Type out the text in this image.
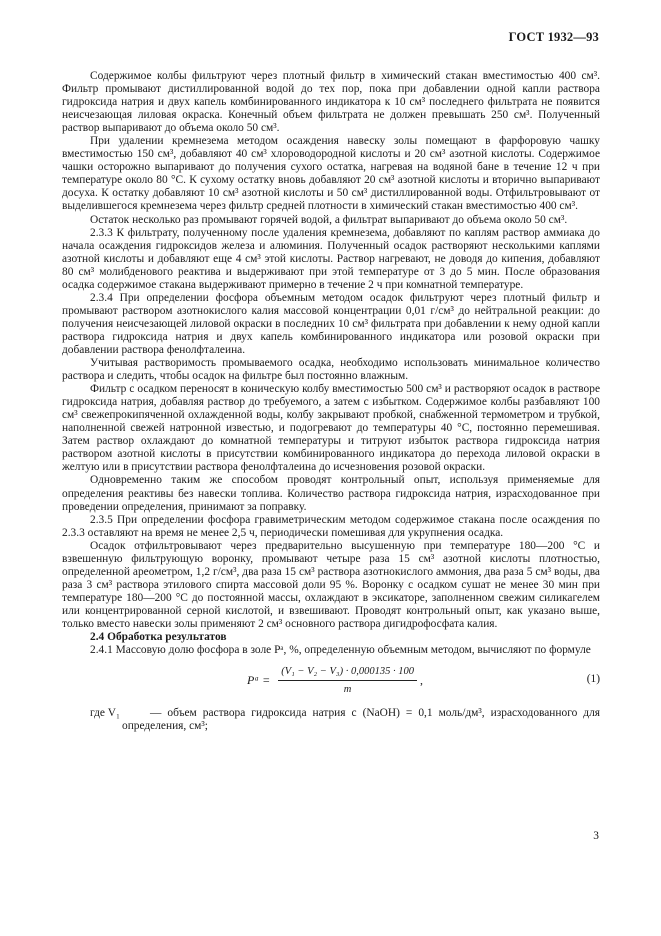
ГОСТ 1932—93

Содержимое колбы фильтруют через плотный фильтр в химический стакан вместимостью 400 см³. Фильтр промывают дистиллированной водой до тех пор, пока при добавлении одной капли раствора гидроксида натрия и двух капель комбинированного индикатора к 10 см³ последнего фильтрата не появится неисчезающая лиловая окраска. Конечный объем фильтрата не должен превышать 250 см³. Полученный раствор выпаривают до объема около 50 см³.

При удалении кремнезема методом осаждения навеску золы помещают в фарфоровую чашку вместимостью 150 см³, добавляют 40 см³ хлороводородной кислоты и 20 см³ азотной кислоты. Содержимое чашки осторожно выпаривают до получения сухого остатка, нагревая на водяной бане в течение 12 ч при температуре около 80 °С. К сухому остатку вновь добавляют 20 см³ азотной кислоты и вторично выпаривают досуха. К остатку добавляют 10 см³ азотной кислоты и 50 см³ дистиллированной воды. Отфильтровывают от выделившегося кремнезема через фильтр средней плотности в химический стакан вместимостью 400 см³.

Остаток несколько раз промывают горячей водой, а фильтрат выпаривают до объема около 50 см³.

2.3.3 К фильтрату, полученному после удаления кремнезема, добавляют по каплям раствор аммиака до начала осаждения гидроксидов железа и алюминия. Полученный осадок растворяют несколькими каплями азотной кислоты и добавляют еще 4 см³ этой кислоты. Раствор нагревают, не доводя до кипения, добавляют 80 см³ молибденового реактива и выдерживают при этой температуре от 3 до 5 мин. После образования осадка содержимое стакана выдерживают примерно в течение 2 ч при комнатной температуре.

2.3.4 При определении фосфора объемным методом осадок фильтруют через плотный фильтр и промывают раствором азотнокислого калия массовой концентрации 0,01 г/см³ до нейтральной реакции: до получения неисчезающей лиловой окраски в последних 10 см³ фильтрата при добавлении к нему одной капли раствора гидроксида натрия и двух капель комбинированного индикатора или розовой окраски при добавлении раствора фенолфталеина.

Учитывая растворимость промываемого осадка, необходимо использовать минимальное количество раствора и следить, чтобы осадок на фильтре был постоянно влажным.

Фильтр с осадком переносят в коническую колбу вместимостью 500 см³ и растворяют осадок в растворе гидроксида натрия, добавляя раствор до требуемого, а затем с избытком. Содержимое колбы разбавляют 100 см³ свежепрокипяченной охлажденной воды, колбу закрывают пробкой, снабженной термометром и трубкой, наполненной свежей натронной известью, и подогревают до температуры 40 °С, постоянно перемешивая. Затем раствор охлаждают до комнатной температуры и титруют избыток раствора гидроксида натрия раствором азотной кислоты в присутствии комбинированного индикатора до перехода лиловой окраски в желтую или в присутствии раствора фенолфталеина до исчезновения розовой окраски.

Одновременно таким же способом проводят контрольный опыт, используя применяемые для определения реактивы без навески топлива. Количество раствора гидроксида натрия, израсходованное при проведении определения, принимают за поправку.

2.3.5 При определении фосфора гравиметрическим методом содержимое стакана после осаждения по 2.3.3 оставляют на время не менее 2,5 ч, периодически помешивая для укрупнения осадка.

Осадок отфильтровывают через предварительно высушенную при температуре 180—200 °С и взвешенную фильтрующую воронку, промывают четыре раза 15 см³ азотной кислоты плотностью, определенной ареометром, 1,2 г/см³, два раза 15 см³ раствора азотнокислого аммония, два раза 5 см³ воды, два раза 3 см³ раствора этилового спирта массовой доли 95 %. Воронку с осадком сушат не менее 30 мин при температуре 180—200 °С до постоянной массы, охлаждают в эксикаторе, заполненном свежим силикагелем или концентрированной серной кислотой, и взвешивают. Проводят контрольный опыт, как указано выше, только вместо навески золы применяют 2 см³ основного раствора дигидрофосфата калия.

2.4 Обработка результатов

2.4.1 Массовую долю фосфора в золе Pᵃ, %, определенную объемным методом, вычисляют по формуле

Pᵃ = $\frac{\text{(V₁ − V₂ − V₃) · 0,000135 · 100}}{m}$ ,	(1)

где V₁	— объем раствора гидроксида натрия c (NaOH) = 0,1 моль/дм³, израсходованного для определения, см³;

3
